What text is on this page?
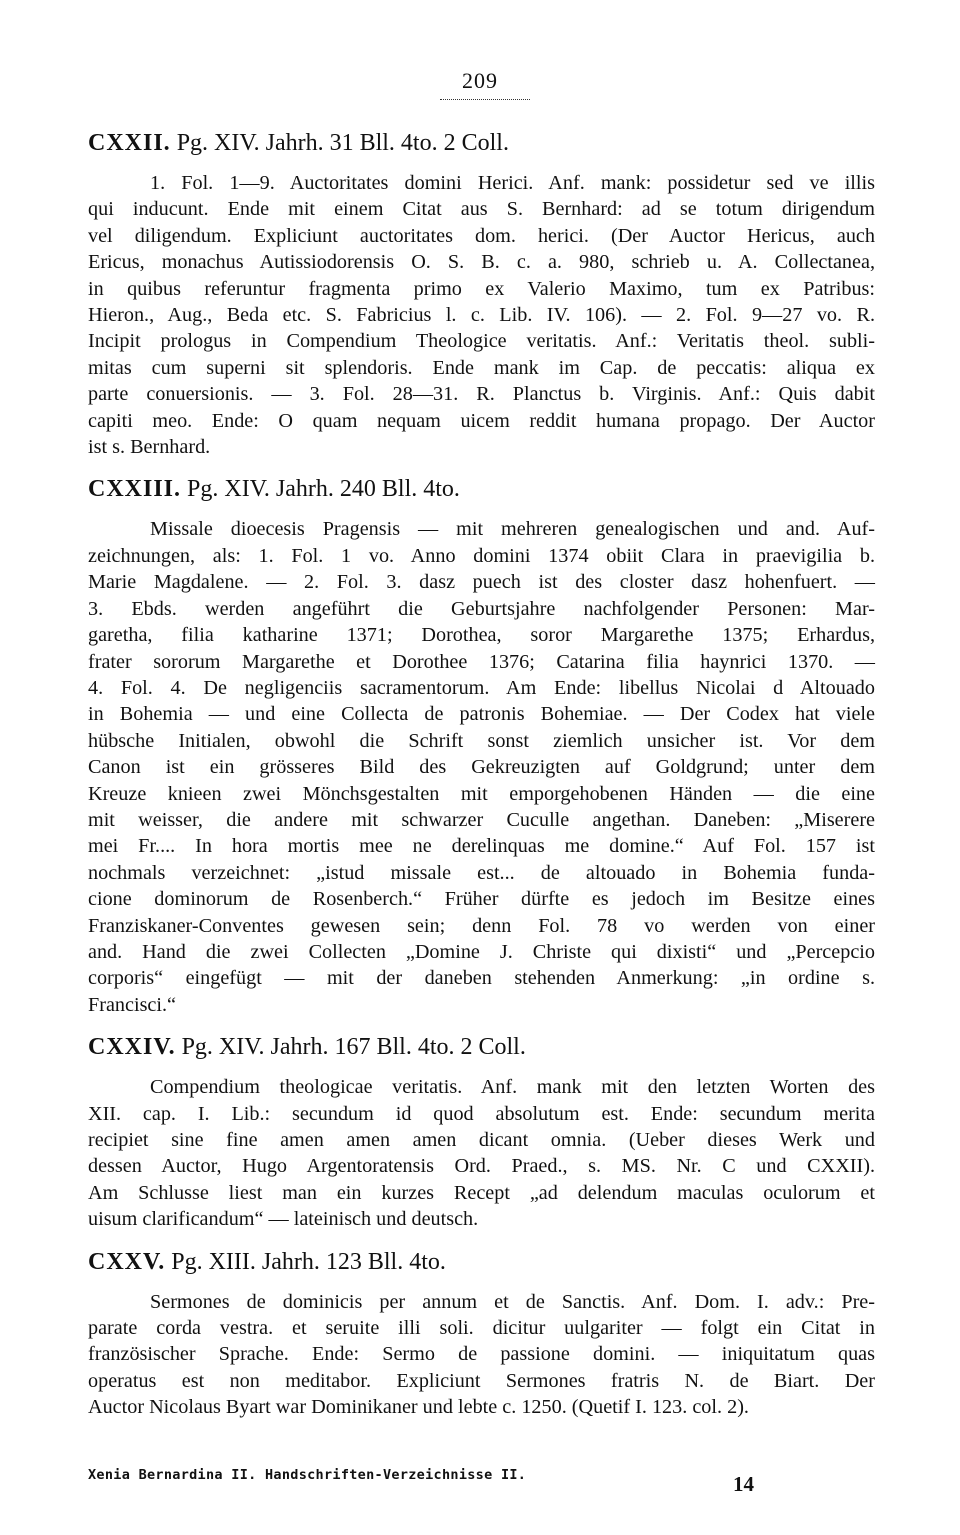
209
CXXII. Pg. XIV. Jahrh. 31 Bll. 4to. 2 Coll.
1. Fol. 1—9. Auctoritates domini Herici. Anf. mank: possidetur sed ve illis
qui inducunt. Ende mit einem Citat aus S. Bernhard: ad se totum dirigendum
vel diligendum. Expliciunt auctoritates dom. herici. (Der Auctor Hericus, auch
Ericus, monachus Autissiodorensis O. S. B. c. a. 980, schrieb u. A. Collectanea,
in quibus referuntur fragmenta primo ex Valerio Maximo, tum ex Patribus:
Hieron., Aug., Beda etc. S. Fabricius l. c. Lib. IV. 106). — 2. Fol. 9—27 vo. R.
Incipit prologus in Compendium Theologice veritatis. Anf.: Veritatis theol. subli-
mitas cum superni sit splendoris. Ende mank im Cap. de peccatis: aliqua ex
parte conuersionis. — 3. Fol. 28—31. R. Planctus b. Virginis. Anf.: Quis dabit
capiti meo. Ende: O quam nequam uicem reddit humana propago. Der Auctor
ist s. Bernhard.
CXXIII. Pg. XIV. Jahrh. 240 Bll. 4to.
Missale dioecesis Pragensis — mit mehreren genealogischen und and. Auf-
zeichnungen, als: 1. Fol. 1 vo. Anno domini 1374 obiit Clara in praevigilia b.
Marie Magdalene. — 2. Fol. 3. dasz puech ist des closter dasz hohenfuert. —
3. Ebds. werden angeführt die Geburtsjahre nachfolgender Personen: Mar-
garetha, filia katharine 1371; Dorothea, soror Margarethe 1375; Erhardus,
frater sororum Margarethe et Dorothee 1376; Catarina filia haynrici 1370. —
4. Fol. 4. De negligenciis sacramentorum. Am Ende: libellus Nicolai d Altouado
in Bohemia — und eine Collecta de patronis Bohemiae. — Der Codex hat viele
hübsche Initialen, obwohl die Schrift sonst ziemlich unsicher ist. Vor dem
Canon ist ein grösseres Bild des Gekreuzigten auf Goldgrund; unter dem
Kreuze knieen zwei Mönchsgestalten mit emporgehobenen Händen — die eine
mit weisser, die andere mit schwarzer Cuculle angethan. Daneben: „Miserere
mei Fr.... In hora mortis mee ne derelinquas me domine.“ Auf Fol. 157 ist
nochmals verzeichnet: „istud missale est... de altouado in Bohemia funda-
cione dominorum de Rosenberch.“ Früher dürfte es jedoch im Besitze eines
Franziskaner-Conventes gewesen sein; denn Fol. 78 vo werden von einer
and. Hand die zwei Collecten „Domine J. Christe qui dixisti“ und „Percepcio
corporis“ eingefügt — mit der daneben stehenden Anmerkung: „in ordine s.
Francisci.“
CXXIV. Pg. XIV. Jahrh. 167 Bll. 4to. 2 Coll.
Compendium theologicae veritatis. Anf. mank mit den letzten Worten des
XII. cap. I. Lib.: secundum id quod absolutum est. Ende: secundum merita
recipiet sine fine amen amen amen dicant omnia. (Ueber dieses Werk und
dessen Auctor, Hugo Argentoratensis Ord. Praed., s. MS. Nr. C und CXXII).
Am Schlusse liest man ein kurzes Recept „ad delendum maculas oculorum et
uisum clarificandum“ — lateinisch und deutsch.
CXXV. Pg. XIII. Jahrh. 123 Bll. 4to.
Sermones de dominicis per annum et de Sanctis. Anf. Dom. I. adv.: Pre-
parate corda vestra. et seruite illi soli. dicitur uulgariter — folgt ein Citat in
französischer Sprache. Ende: Sermo de passione domini. — iniquitatum quas
operatus est non meditabor. Expliciunt Sermones fratris N. de Biart. Der
Auctor Nicolaus Byart war Dominikaner und lebte c. 1250. (Quetif I. 123. col. 2).
Xenia Bernardina II. Handschriften-Verzeichnisse II.	14
